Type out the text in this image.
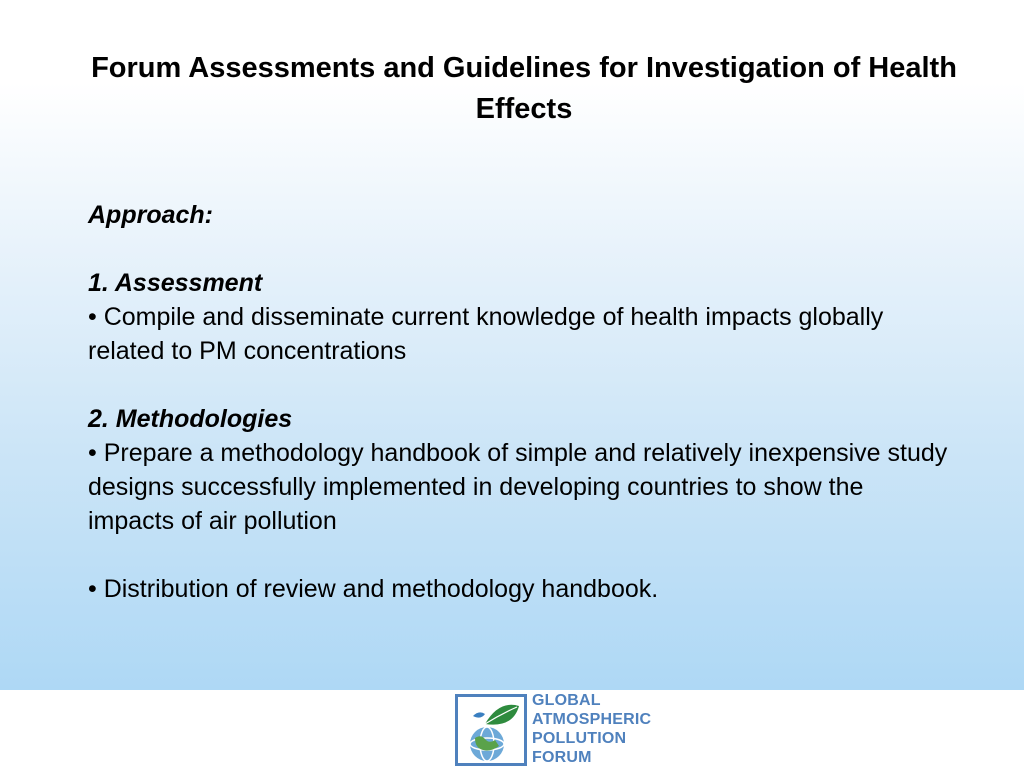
Forum Assessments and Guidelines for Investigation of Health Effects

Approach:

1. Assessment

• Compile and disseminate current knowledge of health impacts globally related to PM concentrations

2. Methodologies

• Prepare a methodology handbook of simple and relatively inexpensive study designs successfully implemented in developing countries to show the impacts of air pollution

• Distribution of review and methodology handbook.

GLOBAL
ATMOSPHERIC
POLLUTION
FORUM
